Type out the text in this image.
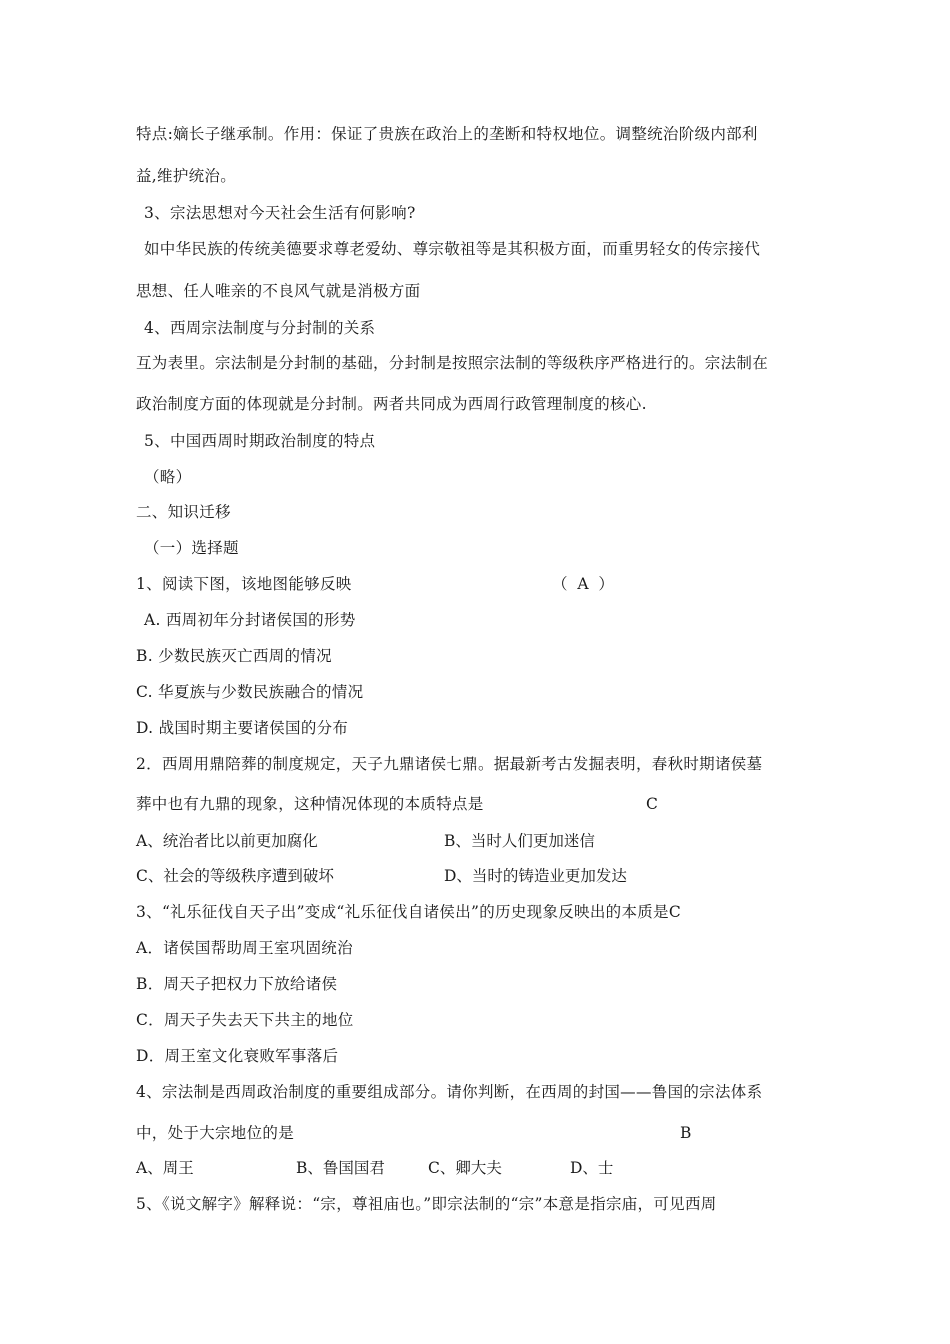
特点:嫡长子继承制。作用：保证了贵族在政治上的垄断和特权地位。调整统治阶级内部利
益,维护统治。
3、宗法思想对今天社会生活有何影响?
如中华民族的传统美德要求尊老爱幼、尊宗敬祖等是其积极方面，而重男轻女的传宗接代
思想、任人唯亲的不良风气就是消极方面
4、西周宗法制度与分封制的关系
互为表里。宗法制是分封制的基础，分封制是按照宗法制的等级秩序严格进行的。宗法制在
政治制度方面的体现就是分封制。两者共同成为西周行政管理制度的核心.
5、中国西周时期政治制度的特点
（略）
二、知识迁移
（一）选择题
1、阅读下图，该地图能够反映	（  A  ）
A. 西周初年分封诸侯国的形势
B. 少数民族灭亡西周的情况
C. 华夏族与少数民族融合的情况
D. 战国时期主要诸侯国的分布
2．西周用鼎陪葬的制度规定，天子九鼎诸侯七鼎。据最新考古发掘表明，春秋时期诸侯墓
葬中也有九鼎的现象，这种情况体现的本质特点是	C
A、统治者比以前更加腐化	B、当时人们更加迷信
C、社会的等级秩序遭到破坏	D、当时的铸造业更加发达
3、“礼乐征伐自天子出”变成“礼乐征伐自诸侯出”的历史现象反映出的本质是C
A．诸侯国帮助周王室巩固统治
B．周天子把权力下放给诸侯
C．周天子失去天下共主的地位
D．周王室文化衰败军事落后
4、宗法制是西周政治制度的重要组成部分。请你判断，在西周的封国——鲁国的宗法体系
中，处于大宗地位的是	B
A、周王	B、鲁国国君	C、卿大夫	D、士
5、《说文解字》解释说：“宗，尊祖庙也。”即宗法制的“宗”本意是指宗庙，可见西周
